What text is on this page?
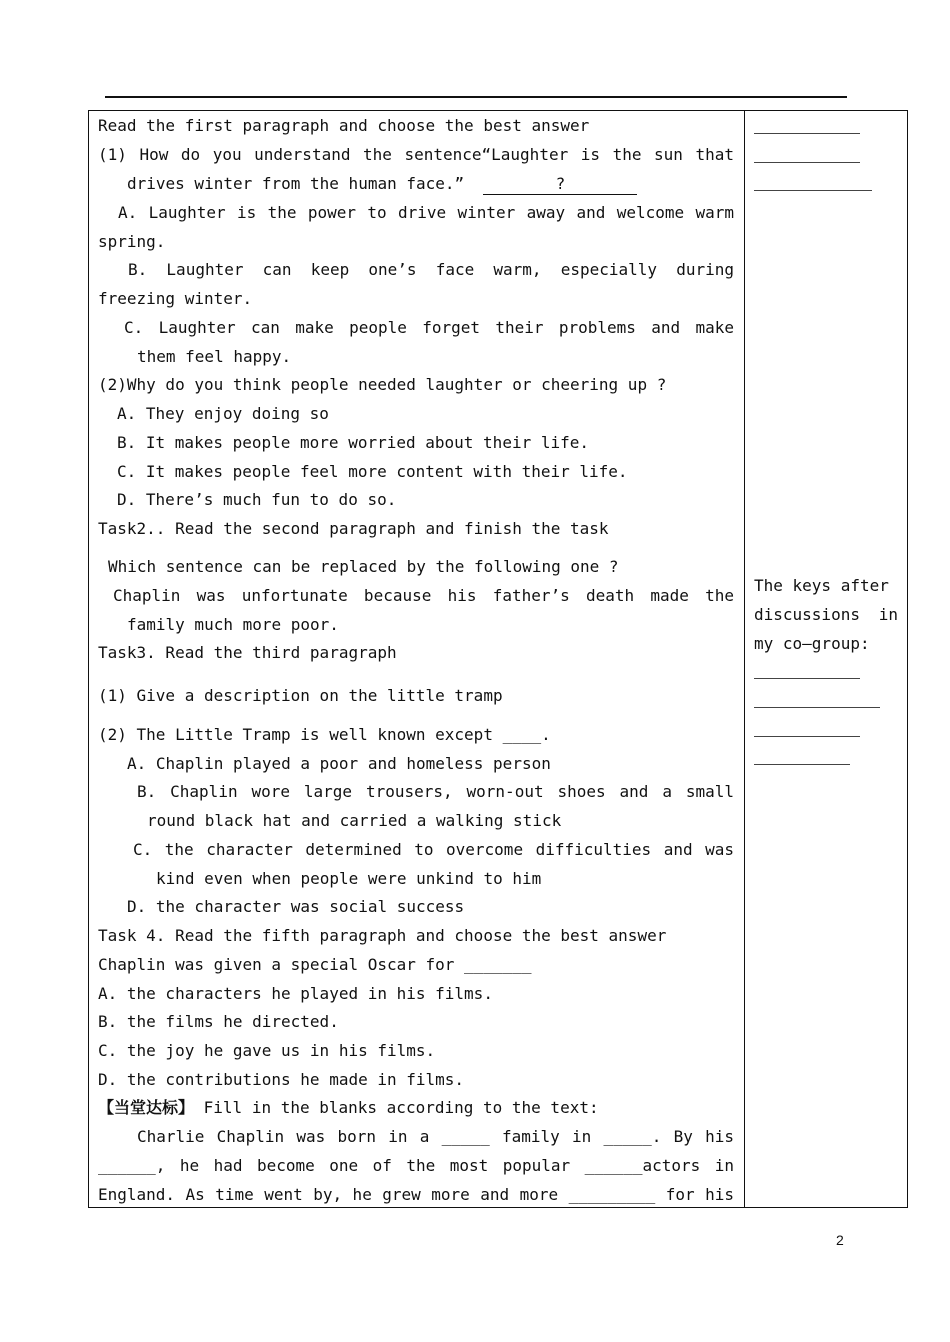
Read the first paragraph and choose the best answer
(1) How do you understand the sentence“Laughter is the sun that
drives winter from the human face.”	?
A. Laughter is the power to drive winter away and welcome warm
spring.
B. Laughter can keep one’s face warm, especially during
freezing winter.
C. Laughter can make people forget their problems and make
them feel happy.
(2)Why do you think people needed laughter or cheering up ?
A. They enjoy doing so
B. It makes people more worried about their life.
C. It makes people feel more content with their life.
D. There’s much fun to do so.
Task2.. Read the second paragraph and finish the task
Which sentence can be replaced by the following one ?
Chaplin was unfortunate because his father’s death made the
family much more poor.
Task3. Read the third paragraph
(1) Give a description on the little tramp
(2) The Little Tramp is well known except ____.
A. Chaplin played a poor and homeless person
B. Chaplin wore large trousers, worn-out shoes and a small
round black hat and carried a walking stick
C. the character determined to overcome difficulties and was
kind even when people were unkind to him
D. the character was social success
Task 4. Read the fifth paragraph and choose the best answer
Chaplin was given a special Oscar for _______
A. the characters he played in his films.
B. the films he directed.
C. the joy he gave us in his films.
D. the contributions he made in films.
【当堂达标】 Fill in the blanks according to the text:
Charlie Chaplin was born in a _____ family in _____. By his
______, he had become one of the most popular ______actors in
England. As time went by, he grew more and more _________ for his
The keys after
discussions in
my co—group:
2
